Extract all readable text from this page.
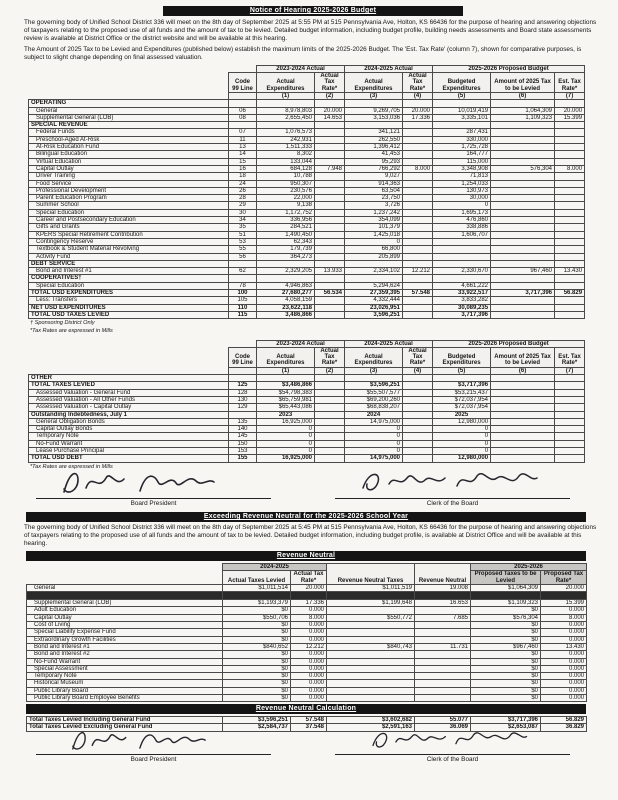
Notice of Hearing 2025-2026 Budget

The governing body of Unified School District 336 will meet on the 8th day of September 2025 at 5:55 PM at 515 Pennsylvania Ave, Holton, KS 66436 for the purpose of hearing and answering objections of taxpayers relating to the proposed use of all funds and the amount of tax to be levied. Detailed budget information, including budget profile, building needs assessments and Board state assessments review is available at District Office or the district website and will be available at this hearing.

The Amount of 2025 Tax to be Levied and Expenditures (published below) establish the maximum limits of the 2025-2026 Budget. The 'Est. Tax Rate' (column 7), shown for comparative purposes, is subject to slight change depending on final assessed valuation.

		2023-2024 Actual		2024-2025 Actual		2025-2026 Proposed Budget		
	Code 99 Line	Actual Expenditures	Actual Tax Rate*	Actual Expenditures	Actual Tax Rate*	Budgeted Expenditures	Amount of 2025 Tax to be Levied	Est. Tax Rate*
		(1)	(2)	(3)	(4)	(5)	(6)	(7)
OPERATING								
General	06	8,978,803	20.000	9,269,705	20.000	10,019,419	1,064,309	20.000
Supplemental General (LOB)	08	2,655,450	14.653	3,153,036	17.336	3,335,101	1,109,323	15.399
SPECIAL REVENUE								
Federal Funds	07	1,076,573		341,121		287,431		
Preschool-Aged At-Risk	11	242,931		262,550		330,000		
At-Risk Education Fund	13	1,511,333		1,396,412		1,725,728		
Bilingual Education	14	8,302		41,453		164,777		
Virtual Education	15	133,044		95,293		115,000		
Capital Outlay	16	684,128	7.948	766,292	8.000	3,348,908	576,304	8.000
Driver Training	18	10,788		9,027		71,813		
Food Service	24	950,307		914,363		1,254,033		
Professional Development	26	230,576		63,504		130,973		
Parent Education Program	28	22,000		23,750		30,000		
Summer School	29	9,138		3,726		0		
Special Education	30	1,172,752		1,237,242		1,695,173		
Career and Postsecondary Education	34	336,956		354,099		476,860		
Gifts and Grants	35	284,521		101,379		338,886		
KPERS Special Retirement Contribution	51	1,490,450		1,425,018		1,606,707		
Contingency Reserve	53	62,343		0				
Textbook & Student Material Revolving	55	179,739		66,800				
Activity Fund	56	364,273		205,899				
DEBT SERVICE								
Bond and Interest #1	62	2,329,205	13.933	2,334,102	12.212	2,330,670	967,460	13.430
COOPERATIVES†								
Special Education	78	4,946,863		5,294,624		4,661,222		
TOTAL USD EXPENDITURES	100	27,680,277	56.534	27,359,395	57.548	33,922,517	3,717,396	56.829
Less: Transfers	105	4,058,159		4,332,444		3,833,282		
NET USD EXPENDITURES	110	23,622,118		23,026,951		30,089,235		
TOTAL USD TAXES LEVIED	115	3,486,866		3,596,251		3,717,396		
† Sponsoring District Only
*Tax Rates are expressed in Mills
		2023-2024 Actual		2024-2025 Actual		2025-2026 Proposed Budget		
	Code 99 Line	Actual Expenditures	Actual Tax Rate*	Actual Expenditures	Actual Tax Rate*	Budgeted Expenditures	Amount of 2025 Tax to be Levied	Est. Tax Rate*
		(1)	(2)	(3)	(4)	(5)	(6)	(7)
OTHER								
TOTAL TAXES LEVIED	125	$3,486,866		$3,596,251		$3,717,396		
Assessed Valuation - General Fund	128	$54,798,383		$55,507,577		$53,215,437		
Assessed Valuation - All Other Funds	130	$65,759,981		$69,200,260		$72,037,954		
Assessed Valuation - Capital Outlay	129	$65,443,086		$68,838,207		$72,037,954		
Outstanding Indebtedness, July 1		2023		2024		2025		
General Obligation Bonds	135	16,925,000		14,975,000		12,980,000		
Capital Outlay Bonds	140	0		0		0		
Temporary Note	145	0		0		0		
No-Fund Warrant	150	0		0		0		
Lease Purchase Principal	153	0		0		0		
TOTAL USD DEBT	155	16,925,000		14,975,000		12,980,000		
*Tax Rates are expressed in Mills
Board President	Clerk of the Board
Exceeding Revenue Neutral for the 2025-2026 School Year

The governing body of Unified School District 336 will meet on the 8th day of September 2025 at 5:45 PM at 515 Pennsylvania Ave, Holton, KS 66436 for the purpose of hearing and answering objections of taxpayers relating to the proposed use of all funds and the amount of tax to be levied. Detailed budget information, including budget profile, is available at District Office and will be available at this hearing.

Revenue Neutral
	2024-2025		Revenue Neutral Taxes	Revenue Neutral	2025-2026	
	Actual Taxes Levied	Actual Tax Rate*			Proposed Taxes to be Levied	Proposed Tax Rate*
General	$1,011,514	20.000	$1,011,519	19.008	$1,064,309	20.000

Supplemental General (LOB)	$1,193,379	17.336	$1,199,648	16.653	$1,109,323	15.399
Adult Education	$0	0.000			$0	0.000
Capital Outlay	$550,706	8.000	$550,772	7.685	$576,304	8.000
Cost of Living	$0	0.000			$0	0.000
Special Liability Expense Fund	$0	0.000			$0	0.000
Extraordinary Growth Facilities	$0	0.000			$0	0.000
Bond and Interest #1	$840,652	12.212	$840,743	11.731	$967,460	13.430
Bond and Interest #2	$0	0.000			$0	0.000
No-Fund Warrant	$0	0.000			$0	0.000
Special Assessment	$0	0.000			$0	0.000
Temporary Note	$0	0.000			$0	0.000
Historical Museum	$0	0.000			$0	0.000
Public Library Board	$0	0.000			$0	0.000
Public Library Board Employee Benefits	$0	0.000			$0	0.000
Revenue Neutral Calculation
Total Taxes Levied Including General Fund	$3,596,251	57.548	$3,602,682	55.077	$3,717,396	56.829
Total Taxes Levied Excluding General Fund	$2,584,737	37.548	$2,591,163	36.069	$2,653,087	36.829
Board President	Clerk of the Board
